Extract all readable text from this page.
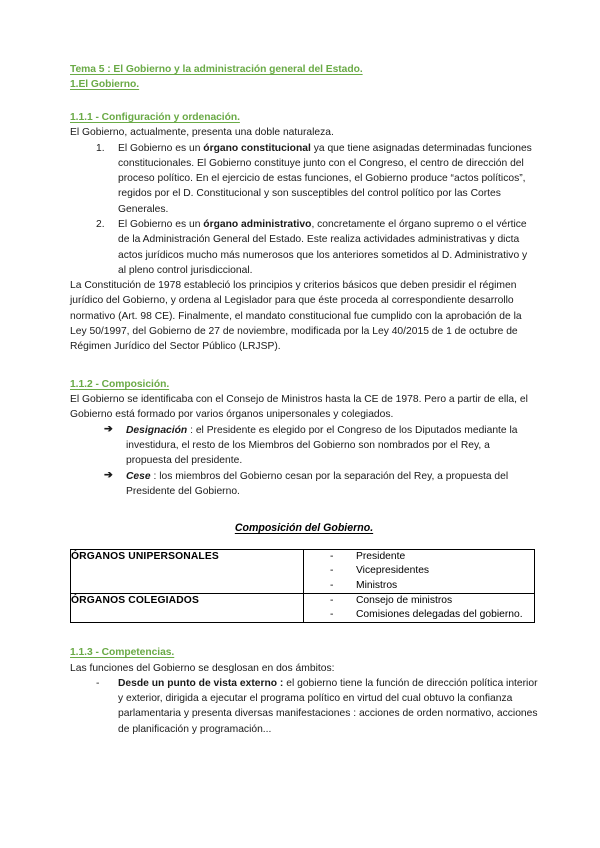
Tema 5 : El Gobierno y la administración general del Estado.
1.El Gobierno.
1.1.1 - Configuración y ordenación.

El Gobierno, actualmente, presenta una doble naturaleza.

El Gobierno es un órgano constitucional ya que tiene asignadas determinadas funciones constitucionales. El Gobierno constituye junto con el Congreso, el centro de dirección del proceso político. En el ejercicio de estas funciones, el Gobierno produce “actos políticos”, regidos por el D. Constitucional y son susceptibles del control político por las Cortes Generales.
El Gobierno es un órgano administrativo, concretamente el órgano supremo o el vértice de la Administración General del Estado. Este realiza actividades administrativas y dicta actos jurídicos mucho más numerosos que los anteriores sometidos al D. Administrativo y al pleno control jurisdiccional.

La Constitución de 1978 estableció los principios y criterios básicos que deben presidir el régimen jurídico del Gobierno, y ordena al Legislador para que éste proceda al correspondiente desarrollo normativo (Art. 98 CE). Finalmente, el mandato constitucional fue cumplido con la aprobación de la Ley 50/1997, del Gobierno de 27 de noviembre, modificada por la Ley 40/2015 de 1 de octubre de Régimen Jurídico del Sector Público (LRJSP).

1.1.2 - Composición.

El Gobierno se identificaba con el Consejo de Ministros hasta la CE de 1978. Pero a partir de ella, el Gobierno está formado por varios órganos unipersonales y colegiados.

➔ Designación : el Presidente es elegido por el Congreso de los Diputados mediante la investidura, el resto de los Miembros del Gobierno son nombrados por el Rey, a propuesta del presidente.
➔ Cese : los miembros del Gobierno cesan por la separación del Rey, a propuesta del Presidente del Gobierno.
Composición del Gobierno.
ÓRGANOS UNIPERSONALES	- Presidente
- Vicepresidentes
- Ministros

ÓRGANOS COLEGIADOS	- Consejo de ministros
- Comisiones delegadas del gobierno.
1.1.3 - Competencias.

Las funciones del Gobierno se desglosan en dos ámbitos:

- Desde un punto de vista externo : el gobierno tiene la función de dirección política interior y exterior, dirigida a ejecutar el programa político en virtud del cual obtuvo la confianza parlamentaria y presenta diversas manifestaciones : acciones de orden normativo, acciones de planificación y programación...
